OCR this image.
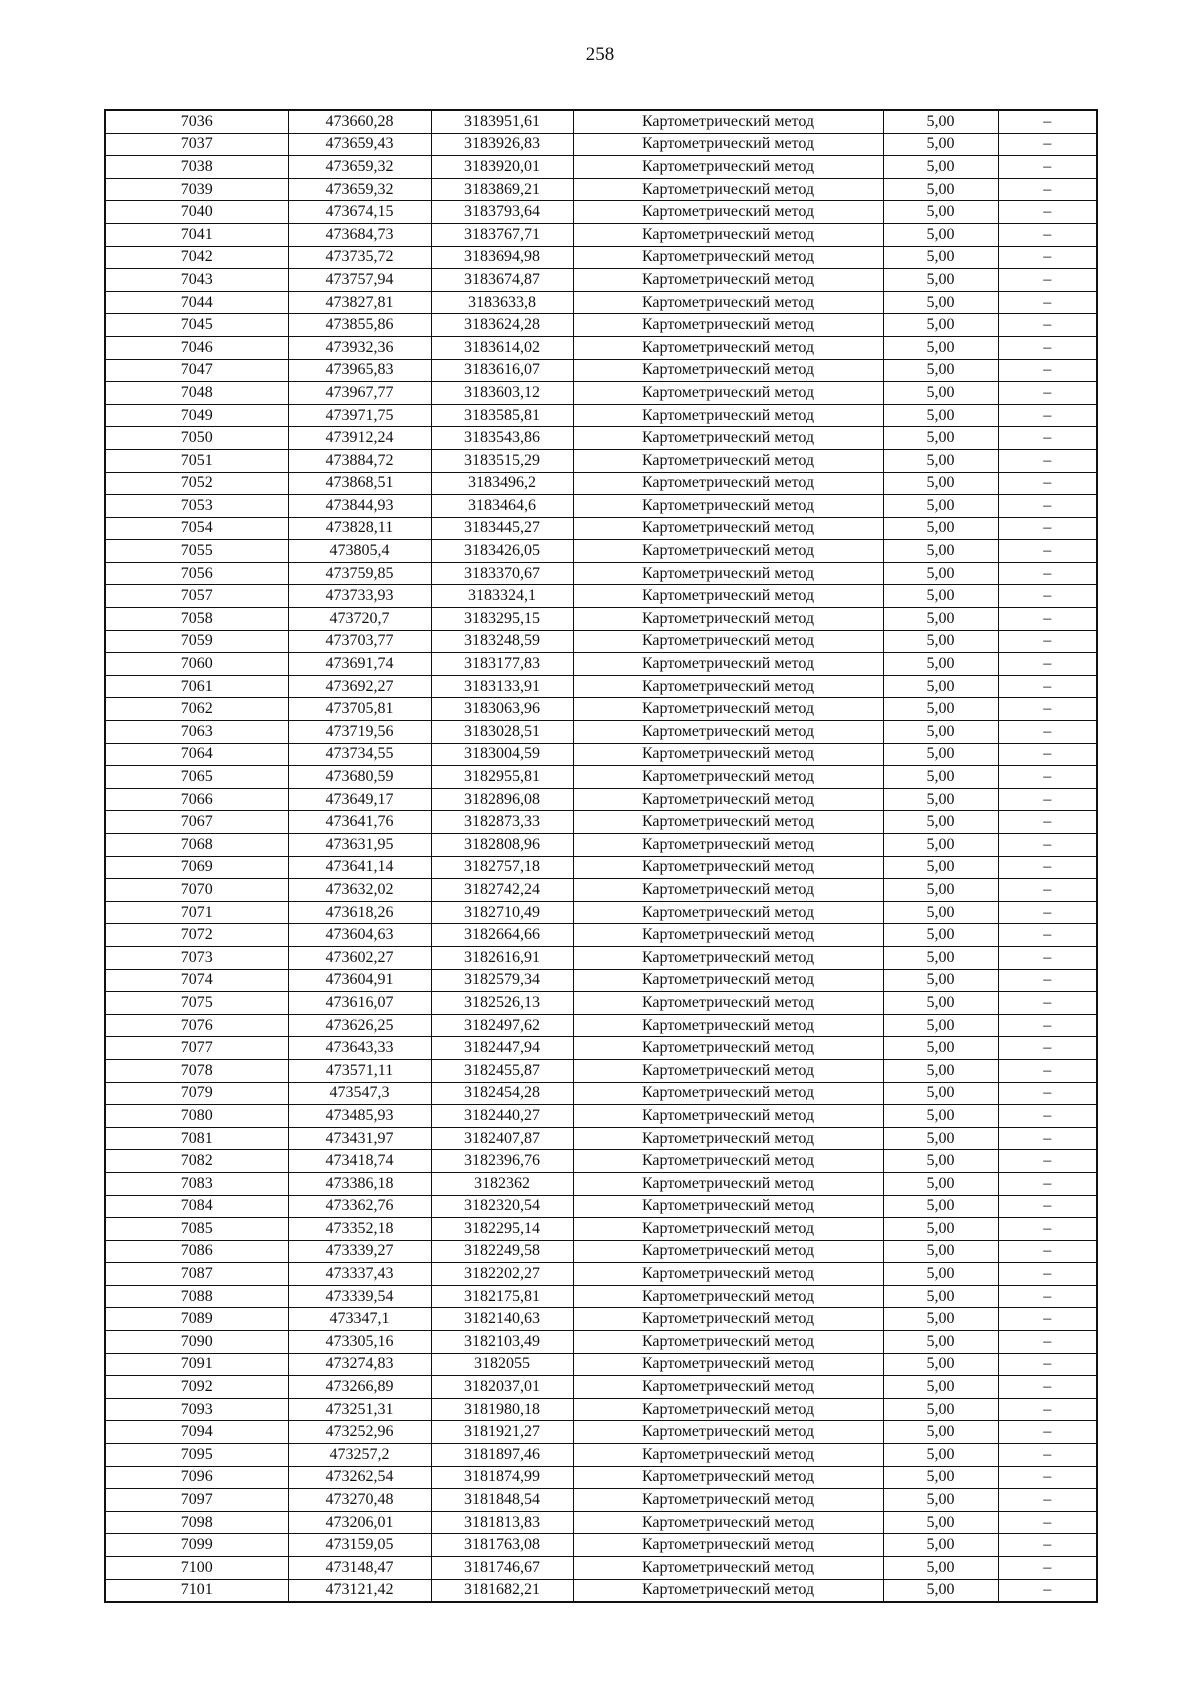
258
7036	473660,28	3183951,61	Картометрический метод	5,00	–
7037	473659,43	3183926,83	Картометрический метод	5,00	–
7038	473659,32	3183920,01	Картометрический метод	5,00	–
7039	473659,32	3183869,21	Картометрический метод	5,00	–
7040	473674,15	3183793,64	Картометрический метод	5,00	–
7041	473684,73	3183767,71	Картометрический метод	5,00	–
7042	473735,72	3183694,98	Картометрический метод	5,00	–
7043	473757,94	3183674,87	Картометрический метод	5,00	–
7044	473827,81	3183633,8	Картометрический метод	5,00	–
7045	473855,86	3183624,28	Картометрический метод	5,00	–
7046	473932,36	3183614,02	Картометрический метод	5,00	–
7047	473965,83	3183616,07	Картометрический метод	5,00	–
7048	473967,77	3183603,12	Картометрический метод	5,00	–
7049	473971,75	3183585,81	Картометрический метод	5,00	–
7050	473912,24	3183543,86	Картометрический метод	5,00	–
7051	473884,72	3183515,29	Картометрический метод	5,00	–
7052	473868,51	3183496,2	Картометрический метод	5,00	–
7053	473844,93	3183464,6	Картометрический метод	5,00	–
7054	473828,11	3183445,27	Картометрический метод	5,00	–
7055	473805,4	3183426,05	Картометрический метод	5,00	–
7056	473759,85	3183370,67	Картометрический метод	5,00	–
7057	473733,93	3183324,1	Картометрический метод	5,00	–
7058	473720,7	3183295,15	Картометрический метод	5,00	–
7059	473703,77	3183248,59	Картометрический метод	5,00	–
7060	473691,74	3183177,83	Картометрический метод	5,00	–
7061	473692,27	3183133,91	Картометрический метод	5,00	–
7062	473705,81	3183063,96	Картометрический метод	5,00	–
7063	473719,56	3183028,51	Картометрический метод	5,00	–
7064	473734,55	3183004,59	Картометрический метод	5,00	–
7065	473680,59	3182955,81	Картометрический метод	5,00	–
7066	473649,17	3182896,08	Картометрический метод	5,00	–
7067	473641,76	3182873,33	Картометрический метод	5,00	–
7068	473631,95	3182808,96	Картометрический метод	5,00	–
7069	473641,14	3182757,18	Картометрический метод	5,00	–
7070	473632,02	3182742,24	Картометрический метод	5,00	–
7071	473618,26	3182710,49	Картометрический метод	5,00	–
7072	473604,63	3182664,66	Картометрический метод	5,00	–
7073	473602,27	3182616,91	Картометрический метод	5,00	–
7074	473604,91	3182579,34	Картометрический метод	5,00	–
7075	473616,07	3182526,13	Картометрический метод	5,00	–
7076	473626,25	3182497,62	Картометрический метод	5,00	–
7077	473643,33	3182447,94	Картометрический метод	5,00	–
7078	473571,11	3182455,87	Картометрический метод	5,00	–
7079	473547,3	3182454,28	Картометрический метод	5,00	–
7080	473485,93	3182440,27	Картометрический метод	5,00	–
7081	473431,97	3182407,87	Картометрический метод	5,00	–
7082	473418,74	3182396,76	Картометрический метод	5,00	–
7083	473386,18	3182362	Картометрический метод	5,00	–
7084	473362,76	3182320,54	Картометрический метод	5,00	–
7085	473352,18	3182295,14	Картометрический метод	5,00	–
7086	473339,27	3182249,58	Картометрический метод	5,00	–
7087	473337,43	3182202,27	Картометрический метод	5,00	–
7088	473339,54	3182175,81	Картометрический метод	5,00	–
7089	473347,1	3182140,63	Картометрический метод	5,00	–
7090	473305,16	3182103,49	Картометрический метод	5,00	–
7091	473274,83	3182055	Картометрический метод	5,00	–
7092	473266,89	3182037,01	Картометрический метод	5,00	–
7093	473251,31	3181980,18	Картометрический метод	5,00	–
7094	473252,96	3181921,27	Картометрический метод	5,00	–
7095	473257,2	3181897,46	Картометрический метод	5,00	–
7096	473262,54	3181874,99	Картометрический метод	5,00	–
7097	473270,48	3181848,54	Картометрический метод	5,00	–
7098	473206,01	3181813,83	Картометрический метод	5,00	–
7099	473159,05	3181763,08	Картометрический метод	5,00	–
7100	473148,47	3181746,67	Картометрический метод	5,00	–
7101	473121,42	3181682,21	Картометрический метод	5,00	–
